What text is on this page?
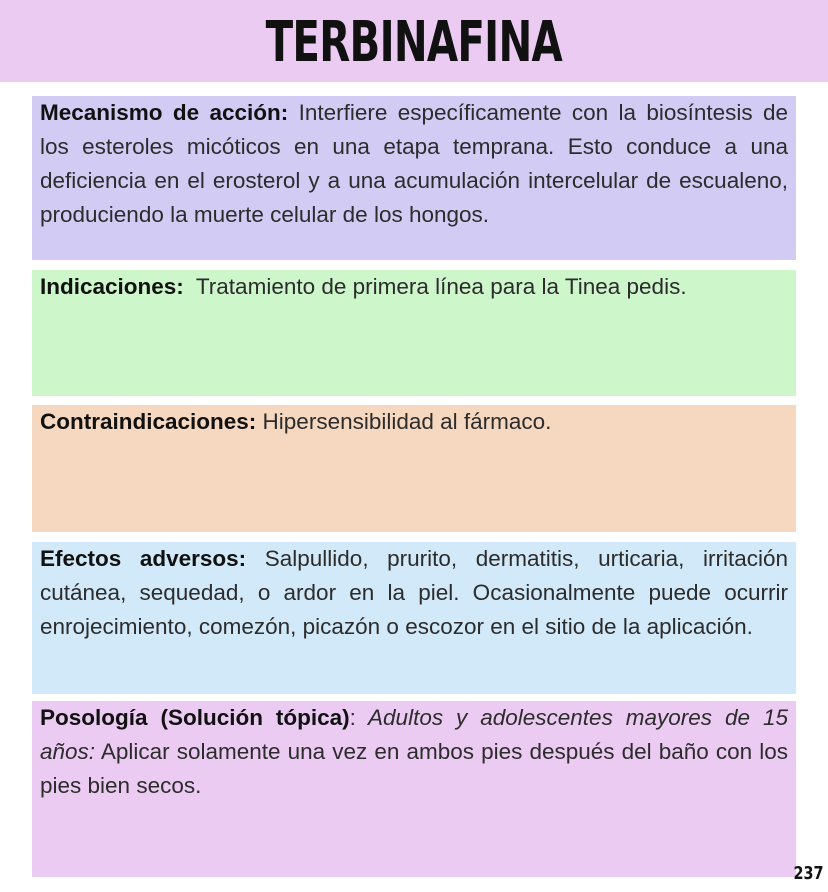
TERBINAFINA
Mecanismo de acción: Interfiere específicamente con la biosíntesis de los esteroles micóticos en una etapa temprana. Esto conduce a una deficiencia en el erosterol y a una acumulación intercelular de escualeno, produciendo la muerte celular de los hongos.
Indicaciones:  Tratamiento de primera línea para la Tinea pedis.
Contraindicaciones: Hipersensibilidad al fármaco.
Efectos adversos: Salpullido, prurito, dermatitis, urticaria, irritación cutánea, sequedad, o ardor en la piel. Ocasionalmente puede ocurrir enrojecimiento, comezón, picazón o escozor en el sitio de la aplicación.
Posología (Solución tópica): Adultos y adolescentes mayores de 15 años: Aplicar solamente una vez en ambos pies después del baño con los pies bien secos.
237
